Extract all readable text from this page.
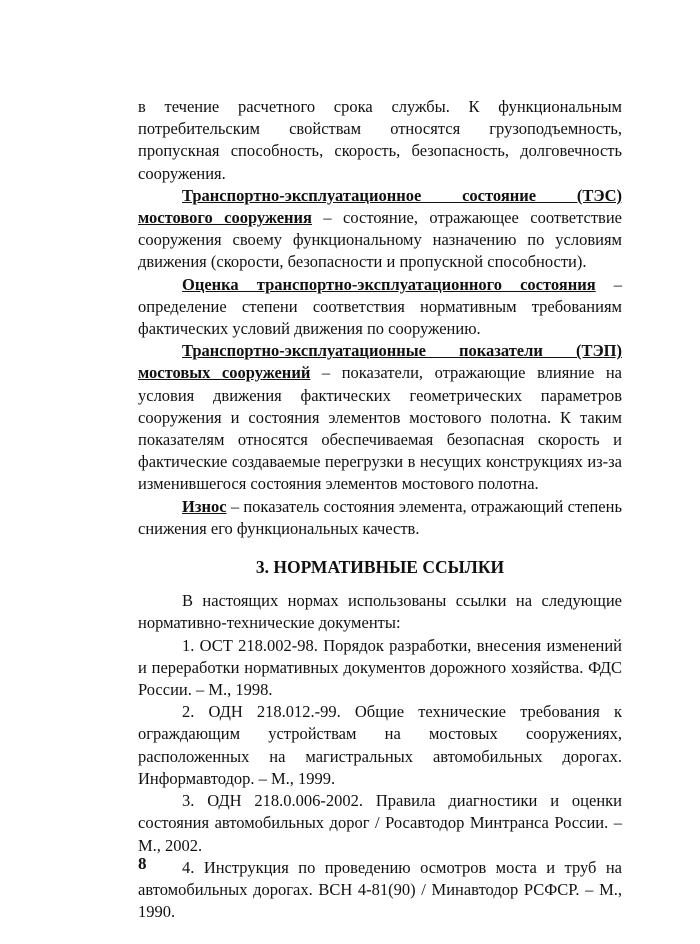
в течение расчетного срока службы. К функциональным потребительским свойствам относятся грузоподъемность, пропускная способность, скорость, безопасность, долговечность сооружения.

Транспортно-эксплуатационное состояние (ТЭС) мостового сооружения – состояние, отражающее соответствие сооружения своему функциональному назначению по условиям движения (скорости, безопасности и пропускной способности).

Оценка транспортно-эксплуатационного состояния – определение степени соответствия нормативным требованиям фактических условий движения по сооружению.

Транспортно-эксплуатационные показатели (ТЭП) мостовых сооружений – показатели, отражающие влияние на условия движения фактических геометрических параметров сооружения и состояния элементов мостового полотна. К таким показателям относятся обеспечиваемая безопасная скорость и фактические создаваемые перегрузки в несущих конструкциях из-за изменившегося состояния элементов мостового полотна.

Износ – показатель состояния элемента, отражающий степень снижения его функциональных качеств.

3. НОРМАТИВНЫЕ ССЫЛКИ

В настоящих нормах использованы ссылки на следующие нормативно-технические документы:

1. ОСТ 218.002-98. Порядок разработки, внесения изменений и переработки нормативных документов дорожного хозяйства. ФДС России. – М., 1998.

2. ОДН 218.012.-99. Общие технические требования к ограждающим устройствам на мостовых сооружениях, расположенных на магистральных автомобильных дорогах. Информавтодор. – М., 1999.

3. ОДН 218.0.006-2002. Правила диагностики и оценки состояния автомобильных дорог / Росавтодор Минтранса России. – М., 2002.

4. Инструкция по проведению осмотров моста и труб на автомобильных дорогах. ВСН 4-81(90) / Минавтодор РСФСР. – М., 1990.

8
